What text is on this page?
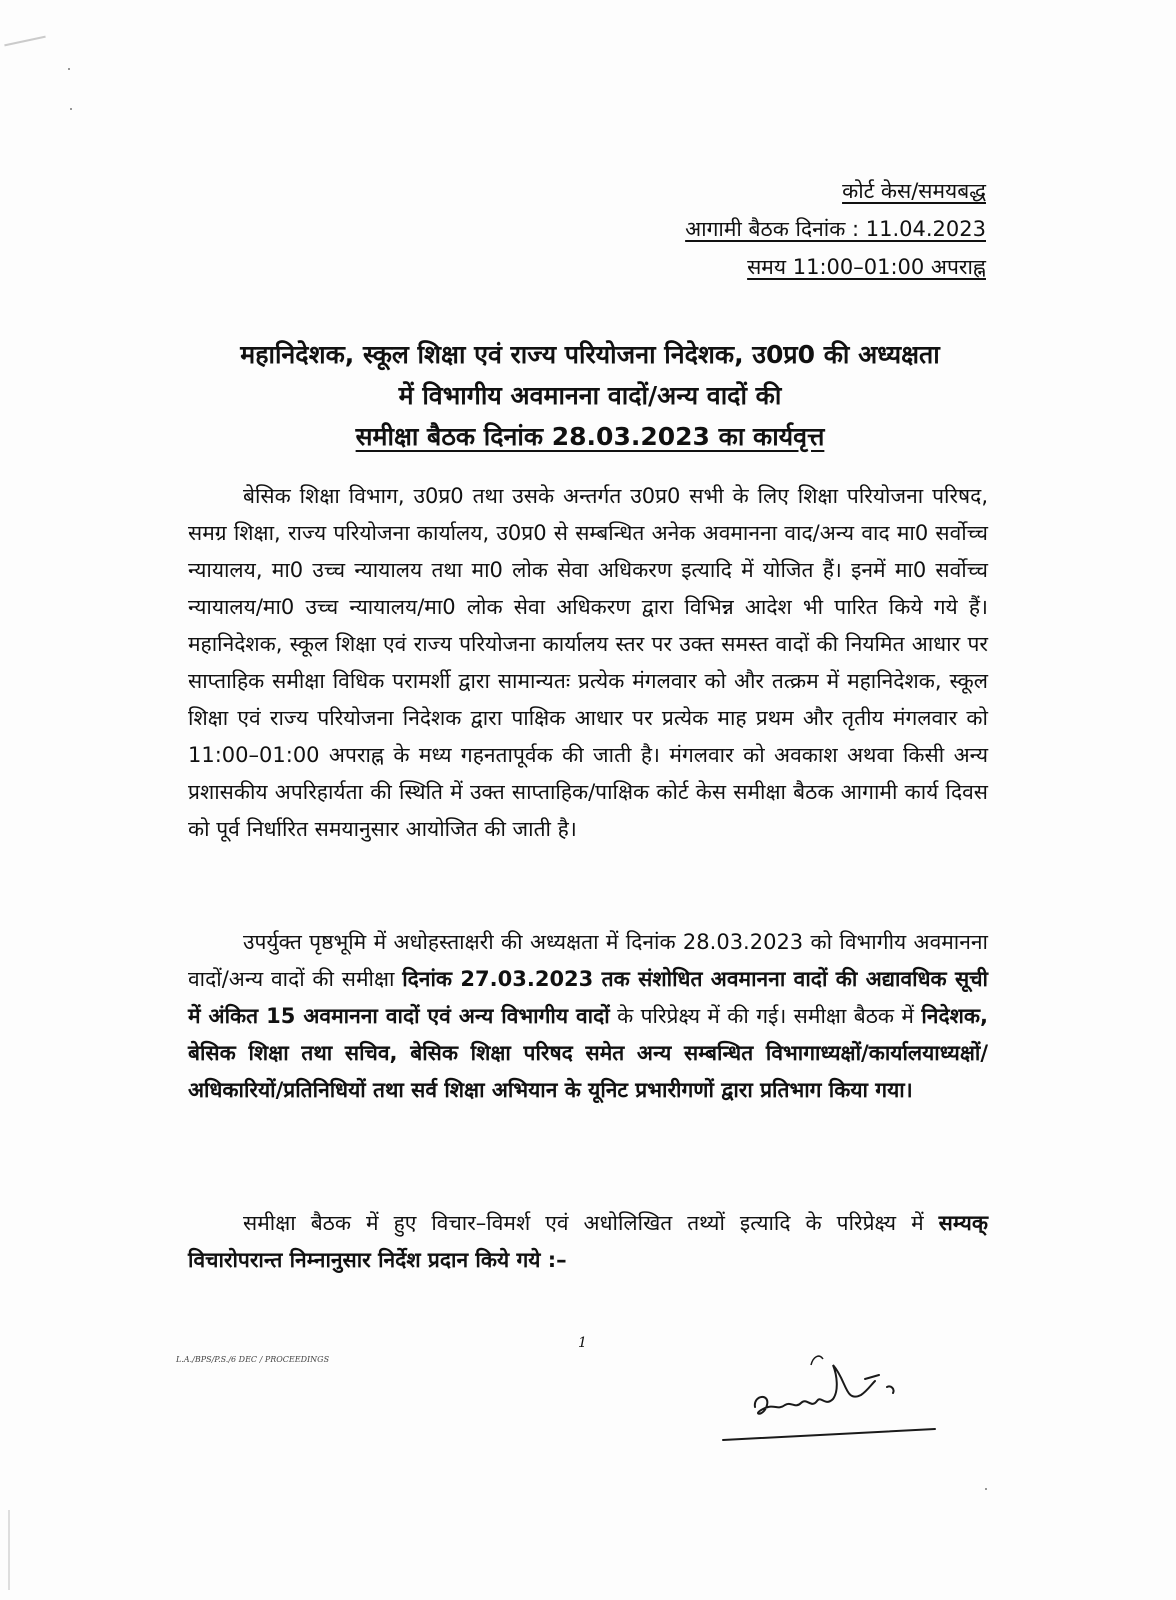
कोर्ट केस/समयबद्ध
आगामी बैठक दिनांक : 11.04.2023
समय 11:00–01:00 अपराह्न
महानिदेशक, स्कूल शिक्षा एवं राज्य परियोजना निदेशक, उ0प्र0 की अध्यक्षता
में विभागीय अवमानना वादों/अन्य वादों की
समीक्षा बैठक दिनांक 28.03.2023 का कार्यवृत्त

बेसिक शिक्षा विभाग, उ0प्र0 तथा उसके अन्तर्गत उ0प्र0 सभी के लिए शिक्षा परियोजना परिषद, समग्र शिक्षा, राज्य परियोजना कार्यालय, उ0प्र0 से सम्बन्धित अनेक अवमानना वाद/अन्य वाद मा0 सर्वोच्च न्यायालय, मा0 उच्च न्यायालय तथा मा0 लोक सेवा अधिकरण इत्यादि में योजित हैं। इनमें मा0 सर्वोच्च न्यायालय/मा0 उच्च न्यायालय/मा0 लोक सेवा अधिकरण द्वारा विभिन्न आदेश भी पारित किये गये हैं। महानिदेशक, स्कूल शिक्षा एवं राज्य परियोजना कार्यालय स्तर पर उक्त समस्त वादों की नियमित आधार पर साप्ताहिक समीक्षा विधिक परामर्शी द्वारा सामान्यतः प्रत्येक मंगलवार को और तत्क्रम में महानिदेशक, स्कूल शिक्षा एवं राज्य परियोजना निदेशक द्वारा पाक्षिक आधार पर प्रत्येक माह प्रथम और तृतीय मंगलवार को 11:00–01:00 अपराह्न के मध्य गहनतापूर्वक की जाती है। मंगलवार को अवकाश अथवा किसी अन्य प्रशासकीय अपरिहार्यता की स्थिति में उक्त साप्ताहिक/पाक्षिक कोर्ट केस समीक्षा बैठक आगामी कार्य दिवस को पूर्व निर्धारित समयानुसार आयोजित की जाती है।

उपर्युक्त पृष्ठभूमि में अधोहस्ताक्षरी की अध्यक्षता में दिनांक 28.03.2023 को विभागीय अवमानना वादों/अन्य वादों की समीक्षा दिनांक 27.03.2023 तक संशोधित अवमानना वादों की अद्यावधिक सूची में अंकित 15 अवमानना वादों एवं अन्य विभागीय वादों के परिप्रेक्ष्य में की गई। समीक्षा बैठक में निदेशक, बेसिक शिक्षा तथा सचिव, बेसिक शिक्षा परिषद समेत अन्य सम्बन्धित विभागाध्यक्षों/कार्यालयाध्यक्षों/अधिकारियों/प्रतिनिधियों तथा सर्व शिक्षा अभियान के यूनिट प्रभारीगणों द्वारा प्रतिभाग किया गया।

समीक्षा बैठक में हुए विचार–विमर्श एवं अधोलिखित तथ्यों इत्यादि के परिप्रेक्ष्य में सम्यक् विचारोपरान्त निम्नानुसार निर्देश प्रदान किये गये :–

1
L.A./BPS/P.S./6 DEC / PROCEEDINGS
